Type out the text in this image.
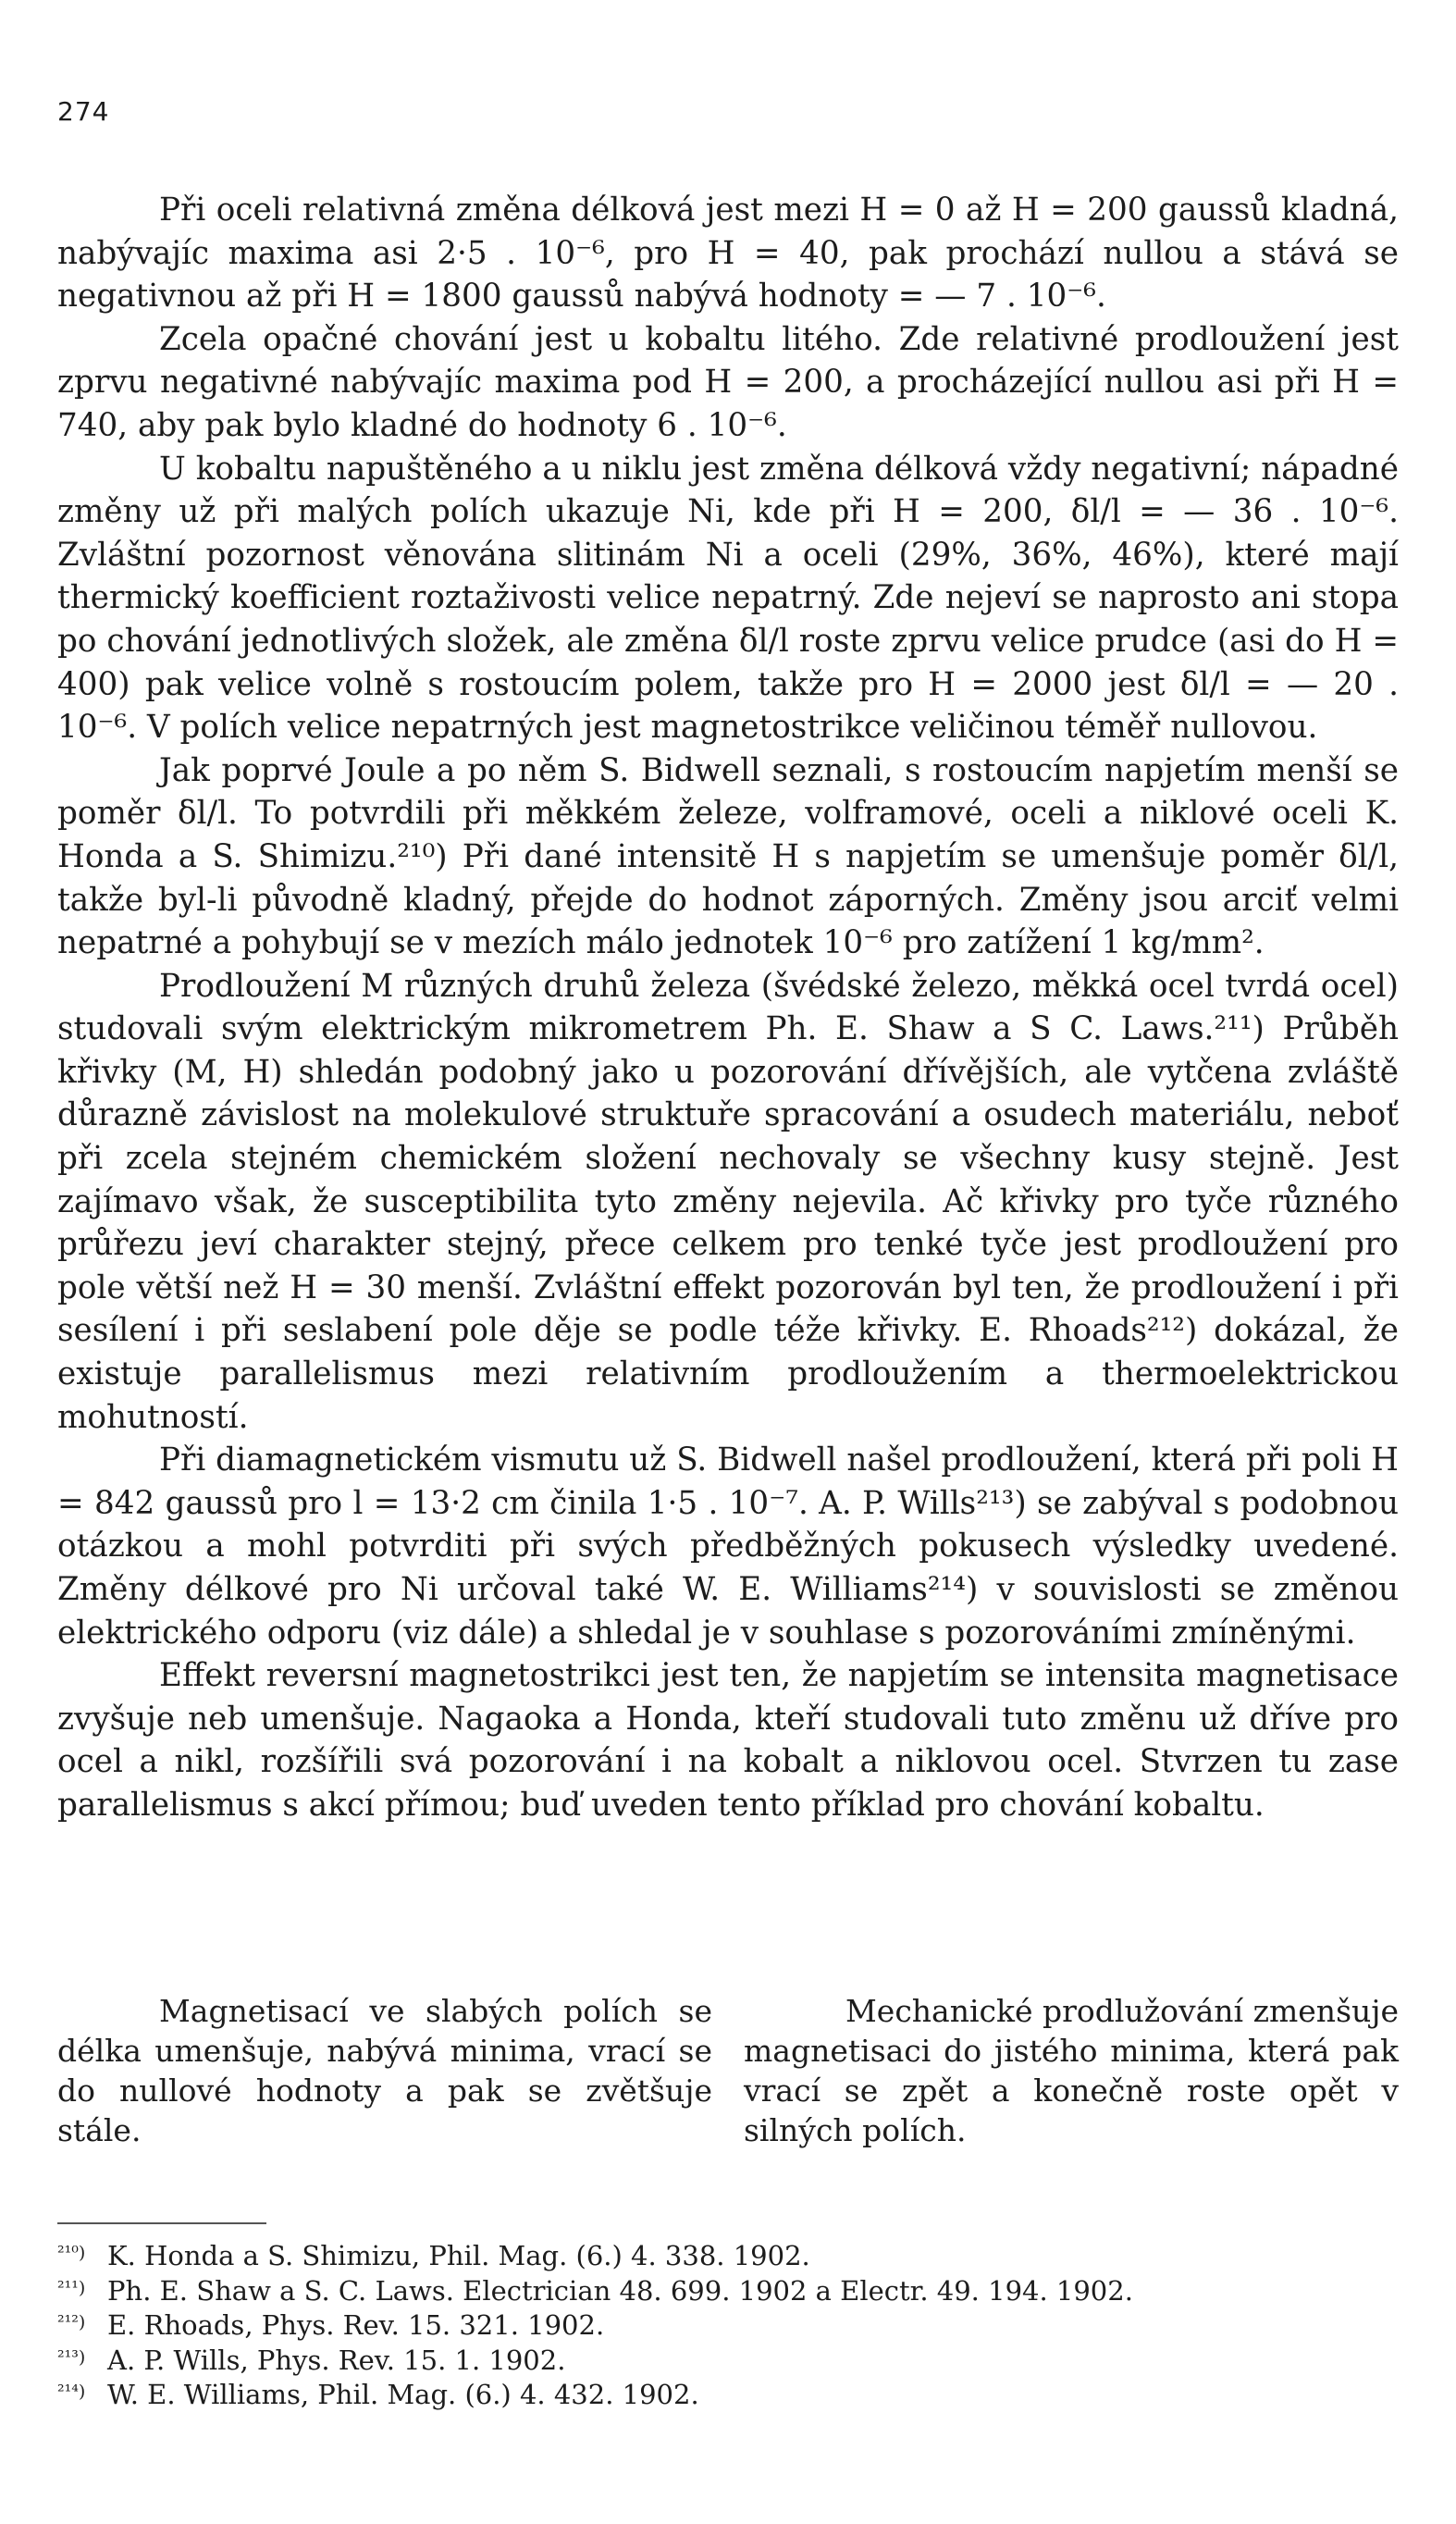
274

Při oceli relativná změna délková jest mezi H = 0 až H = 200 gaussů kladná, nabývajíc maxima asi 2·5 . 10⁻⁶, pro H = 40, pak prochází nullou a stává se negativnou až při H = 1800 gaussů nabývá hodnoty = — 7 . 10⁻⁶.

Zcela opačné chování jest u kobaltu litého. Zde relativné prodloužení jest zprvu negativné nabývajíc maxima pod H = 200, a procházející nullou asi při H = 740, aby pak bylo kladné do hodnoty 6 . 10⁻⁶.

U kobaltu napuštěného a u niklu jest změna délková vždy negativní; nápadné změny už při malých polích ukazuje Ni, kde při H = 200, δl/l = — 36 . 10⁻⁶. Zvláštní pozornost věnována slitinám Ni a oceli (29%, 36%, 46%), které mají thermický koefficient roztaživosti velice nepatrný. Zde nejeví se naprosto ani stopa po chování jednotlivých složek, ale změna δl/l roste zprvu velice prudce (asi do H = 400) pak velice volně s rostoucím polem, takže pro H = 2000 jest δl/l = — 20 . 10⁻⁶. V polích velice nepatrných jest magnetostrikce veličinou téměř nullovou.

Jak poprvé Joule a po něm S. Bidwell seznali, s rostoucím napjetím menší se poměr δl/l. To potvrdili při měkkém železe, volframové, oceli a niklové oceli K. Honda a S. Shimizu.²¹⁰) Při dané intensitě H s napjetím se umenšuje poměr δl/l, takže byl-li původně kladný, přejde do hodnot záporných. Změny jsou arciť velmi nepatrné a pohybují se v mezích málo jednotek 10⁻⁶ pro zatížení 1 kg/mm².

Prodloužení M různých druhů železa (švédské železo, měkká ocel tvrdá ocel) studovali svým elektrickým mikrometrem Ph. E. Shaw a S C. Laws.²¹¹) Průběh křivky (M, H) shledán podobný jako u pozorování dřívějších, ale vytčena zvláště důrazně závislost na molekulové struktuře spracování a osudech materiálu, neboť při zcela stejném chemickém složení nechovaly se všechny kusy stejně. Jest zajímavo však, že susceptibilita tyto změny nejevila. Ač křivky pro tyče různého průřezu jeví charakter stejný, přece celkem pro tenké tyče jest prodloužení pro pole větší než H = 30 menší. Zvláštní effekt pozorován byl ten, že prodloužení i při sesílení i při seslabení pole děje se podle téže křivky. E. Rhoads²¹²) dokázal, že existuje parallelismus mezi relativním prodloužením a thermoelektrickou mohutností.

Při diamagnetickém vismutu už S. Bidwell našel prodloužení, která při poli H = 842 gaussů pro l = 13·2 cm činila 1·5 . 10⁻⁷. A. P. Wills²¹³) se zabýval s podobnou otázkou a mohl potvrditi při svých předběžných pokusech výsledky uvedené. Změny délkové pro Ni určoval také W. E. Williams²¹⁴) v souvislosti se změnou elektrického odporu (viz dále) a shledal je v souhlase s pozorováními zmíněnými.

Effekt reversní magnetostrikci jest ten, že napjetím se intensita magnetisace zvyšuje neb umenšuje. Nagaoka a Honda, kteří studovali tuto změnu už dříve pro ocel a nikl, rozšířili svá pozorování i na kobalt a niklovou ocel. Stvrzen tu zase parallelismus s akcí přímou; buď uveden tento příklad pro chování kobaltu.

Magnetisací ve slabých polích se délka umenšuje, nabývá minima, vrací se do nullové hodnoty a pak se zvětšuje stále.

Mechanické prodlužování zmenšuje magnetisaci do jistého minima, která pak vrací se zpět a konečně roste opět v silných polích.

²¹⁰) K. Honda a S. Shimizu, Phil. Mag. (6.) 4. 338. 1902.
²¹¹) Ph. E. Shaw a S. C. Laws. Electrician 48. 699. 1902 a Electr. 49. 194. 1902.
²¹²) E. Rhoads, Phys. Rev. 15. 321. 1902.
²¹³) A. P. Wills, Phys. Rev. 15. 1. 1902.
²¹⁴) W. E. Williams, Phil. Mag. (6.) 4. 432. 1902.
